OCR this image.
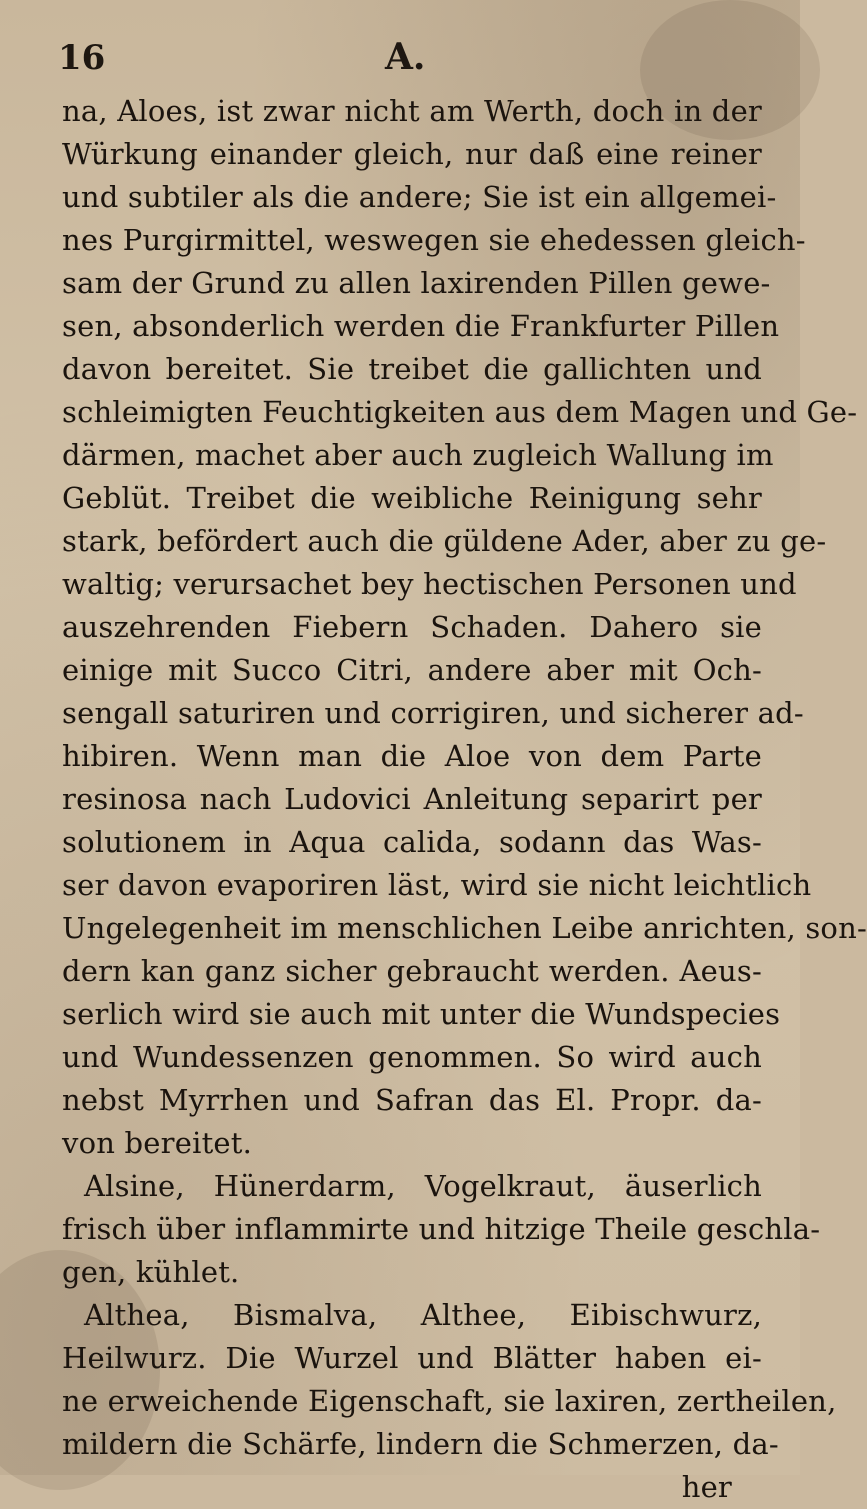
16	A.
na, Aloes, ist zwar nicht am Werth, doch in der
Würkung einander gleich, nur daß eine reiner
und subtiler als die andere; Sie ist ein allgemei-
nes Purgirmittel, weswegen sie ehedessen gleich-
sam der Grund zu allen laxirenden Pillen gewe-
sen, absonderlich werden die Frankfurter Pillen
davon bereitet. Sie treibet die gallichten und
schleimigten Feuchtigkeiten aus dem Magen und Ge-
därmen, machet aber auch zugleich Wallung im
Geblüt. Treibet die weibliche Reinigung sehr
stark, befördert auch die güldene Ader, aber zu ge-
waltig; verursachet bey hectischen Personen und
auszehrenden Fiebern Schaden. Dahero sie
einige mit Succo Citri, andere aber mit Och-
sengall saturiren und corrigiren, und sicherer ad-
hibiren. Wenn man die Aloe von dem Parte
resinosa nach Ludovici Anleitung separirt per
solutionem in Aqua calida, sodann das Was-
ser davon evaporiren läst, wird sie nicht leichtlich
Ungelegenheit im menschlichen Leibe anrichten, son-
dern kan ganz sicher gebraucht werden. Aeus-
serlich wird sie auch mit unter die Wundspecies
und Wundessenzen genommen. So wird auch
nebst Myrrhen und Safran das El. Propr. da-
von bereitet.
Alsine, Hünerdarm, Vogelkraut, äuserlich
frisch über inflammirte und hitzige Theile geschla-
gen, kühlet.
Althea, Bismalva, Althee, Eibischwurz,
Heilwurz. Die Wurzel und Blätter haben ei-
ne erweichende Eigenschaft, sie laxiren, zertheilen,
mildern die Schärfe, lindern die Schmerzen, da-
her
